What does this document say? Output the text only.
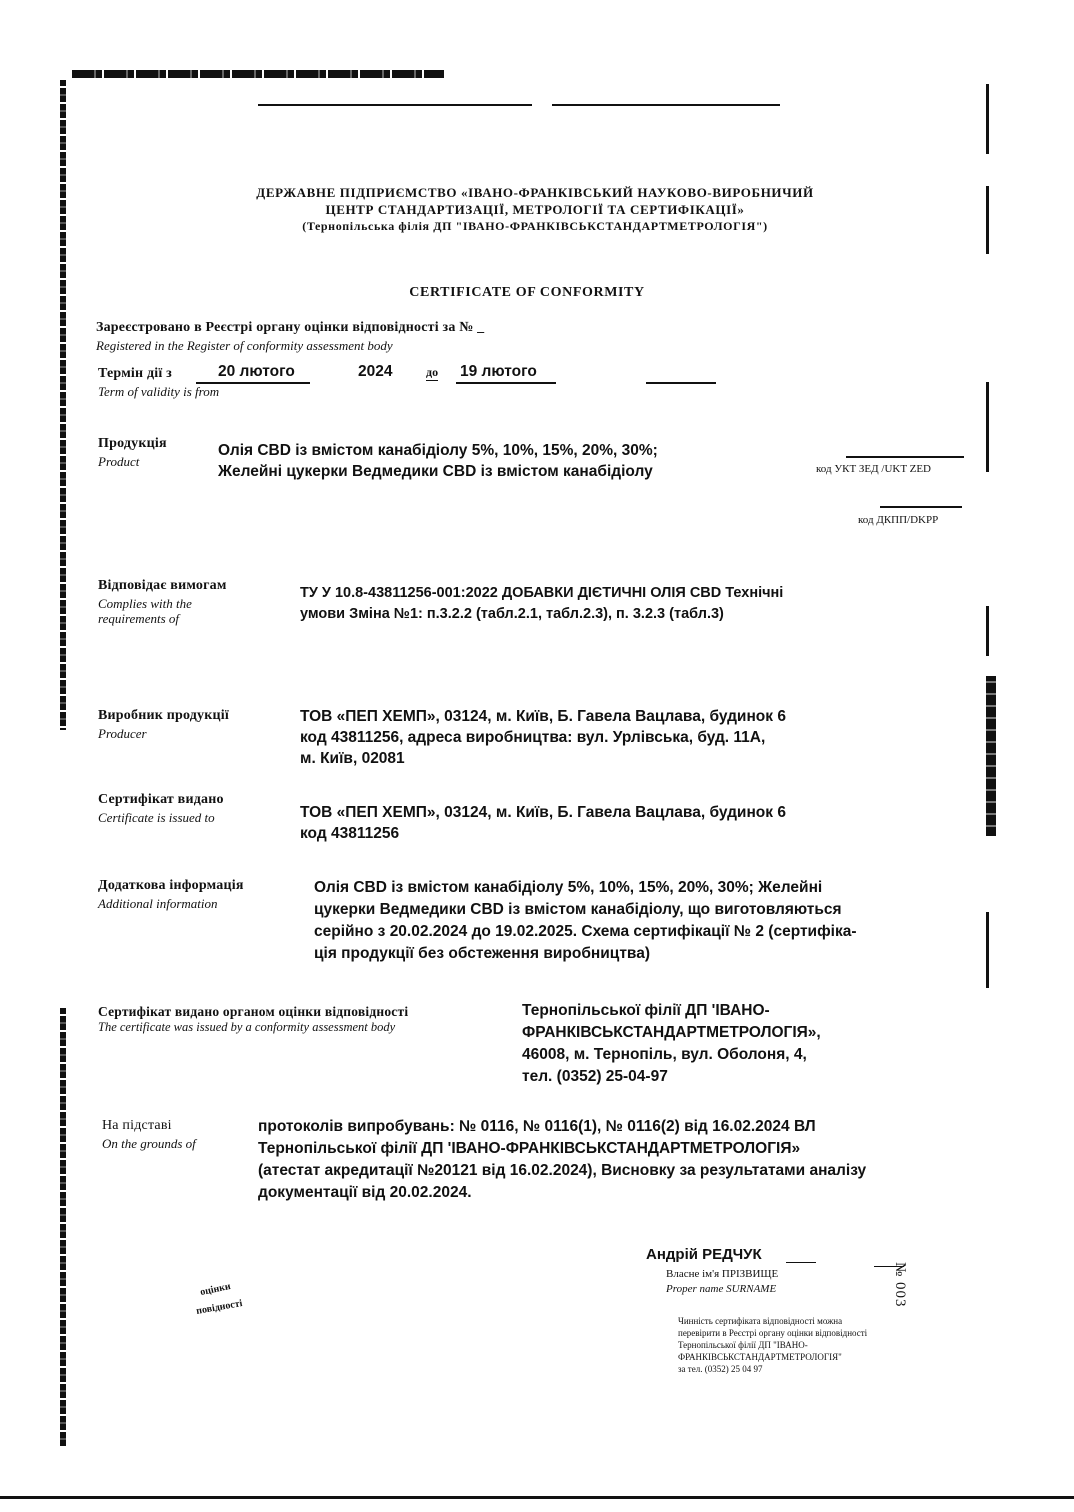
ДЕРЖАВНЕ ПІДПРИЄМСТВО «ІВАНО-ФРАНКІВСЬКИЙ НАУКОВО-ВИРОБНИЧИЙ
ЦЕНТР СТАНДАРТИЗАЦІЇ, МЕТРОЛОГІЇ ТА СЕРТИФІКАЦІЇ»
(Тернопільська філія ДП "ІВАНО-ФРАНКІВСЬКСТАНДАРТМЕТРОЛОГІЯ")
CERTIFICATE OF CONFORMITY
Зареєстровано в Реєстрі органу оцінки відповідності за № _
Registered in the Register of conformity assessment body
Термін дії з
Term of validity is from
20 лютого	2024	до 19 лютого
Продукція
Product
Олія CBD із вмістом канабідіолу 5%, 10%, 15%, 20%, 30%;
Желейні цукерки Ведмедики CBD із вмістом канабідіолу	код УКТ ЗЕД /UKT ZED
код ДКПП/DKPP
Відповідає вимогам
Complies with the
requirements of
ТУ У 10.8-43811256-001:2022 ДОБАВКИ ДІЄТИЧНІ ОЛІЯ CBD Технічні
умови Зміна №1: п.3.2.2 (табл.2.1, табл.2.3), п. 3.2.3 (табл.3)
Виробник продукції
Producer
ТОВ «ПЕП ХЕМП», 03124, м. Київ, Б. Гавела Вацлава, будинок 6
код 43811256, адреса виробництва: вул. Урлівська, буд. 11А,
м. Київ, 02081
Сертифікат видано
Certificate is issued to	ТОВ «ПЕП ХЕМП», 03124, м. Київ, Б. Гавела Вацлава, будинок 6
код 43811256
Додаткова інформація
Additional information
Олія CBD із вмістом канабідіолу 5%, 10%, 15%, 20%, 30%; Желейні
цукерки Ведмедики CBD із вмістом канабідіолу, що виготовляються
серійно з 20.02.2024 до 19.02.2025. Схема сертифікації № 2 (сертифіка-
ція продукції без обстеження виробництва)
Сертифікат видано органом оцінки відповідності
The certificate was issued by a conformity assessment body
Тернопільської філії ДП 'ІВАНО-
ФРАНКІВСЬКСТАНДАРТМЕТРОЛОГІЯ»,
46008, м. Тернопіль, вул. Оболоня, 4,
тел. (0352) 25-04-97
На підставі
On the grounds of
протоколів випробувань: № 0116, № 0116(1), № 0116(2) від 16.02.2024 ВЛ
Тернопільської філії ДП 'ІВАНО-ФРАНКІВСЬКСТАНДАРТМЕТРОЛОГІЯ»
(атестат акредитації №20121 від 16.02.2024), Висновку за результатами аналізу
документації від 20.02.2024.
Андрій РЕДЧУК
Власне ім'я ПРІЗВИЩЕ
Proper name SURNAME	№ 003
оцінки
повідності
Чинність сертифіката відповідності можна
перевірити в Реєстрі органу оцінки відповідності
Тернопільської філії ДП "ІВАНО-
ФРАНКІВСЬКСТАНДАРТМЕТРОЛОГІЯ"
за тел. (0352) 25 04 97
